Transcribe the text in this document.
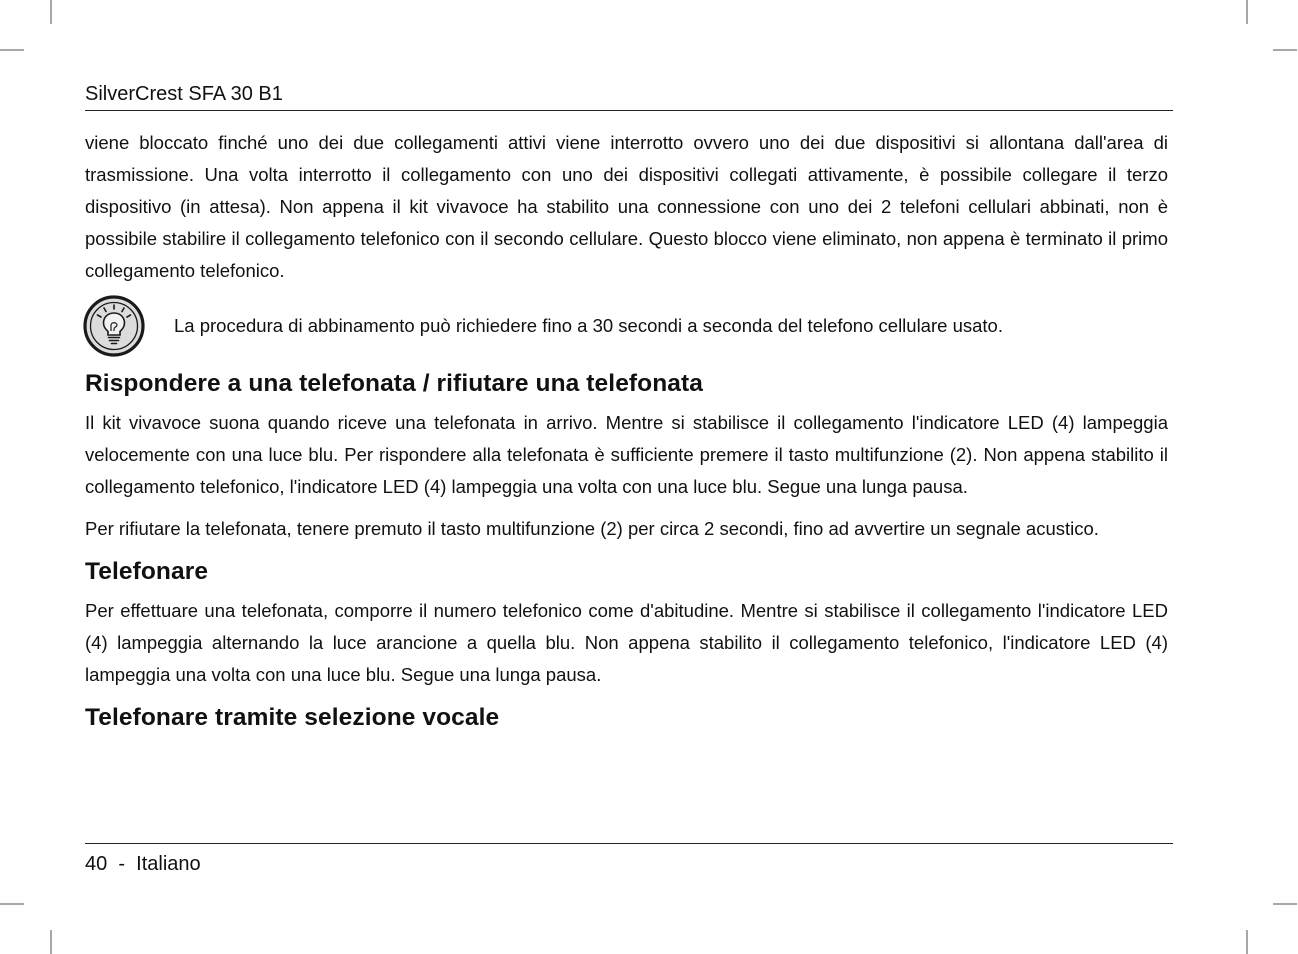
SilverCrest SFA 30 B1

viene bloccato finché uno dei due collegamenti attivi viene interrotto ovvero uno dei due dispositivi si allontana dall'area di trasmissione. Una volta interrotto il collegamento con uno dei dispositivi collegati attivamente, è possibile collegare il terzo dispositivo (in attesa). Non appena il kit vivavoce ha stabilito una connessione con uno dei 2 telefoni cellulari abbinati, non è possibile stabilire il collegamento telefonico con il secondo cellulare. Questo blocco viene eliminato, non appena è terminato il primo collegamento telefonico.

La procedura di abbinamento può richiedere fino a 30 secondi a seconda del telefono cellulare usato.
Rispondere a una telefonata / rifiutare una telefonata

Il kit vivavoce suona quando riceve una telefonata in arrivo. Mentre si stabilisce il collegamento l'indicatore LED (4) lampeggia velocemente con una luce blu. Per rispondere alla telefonata è sufficiente premere il tasto multifunzione (2). Non appena stabilito il collegamento telefonico, l'indicatore LED (4) lampeggia una volta con una luce blu. Segue una lunga pausa.

Per rifiutare la telefonata, tenere premuto il tasto multifunzione (2) per circa 2 secondi, fino ad avvertire un segnale acustico.

Telefonare

Per effettuare una telefonata, comporre il numero telefonico come d'abitudine. Mentre si stabilisce il collegamento l'indicatore LED (4) lampeggia alternando la luce arancione a quella blu. Non appena stabilito il collegamento telefonico, l'indicatore LED (4) lampeggia una volta con una luce blu. Segue una lunga pausa.

Telefonare tramite selezione vocale
40 - Italiano
